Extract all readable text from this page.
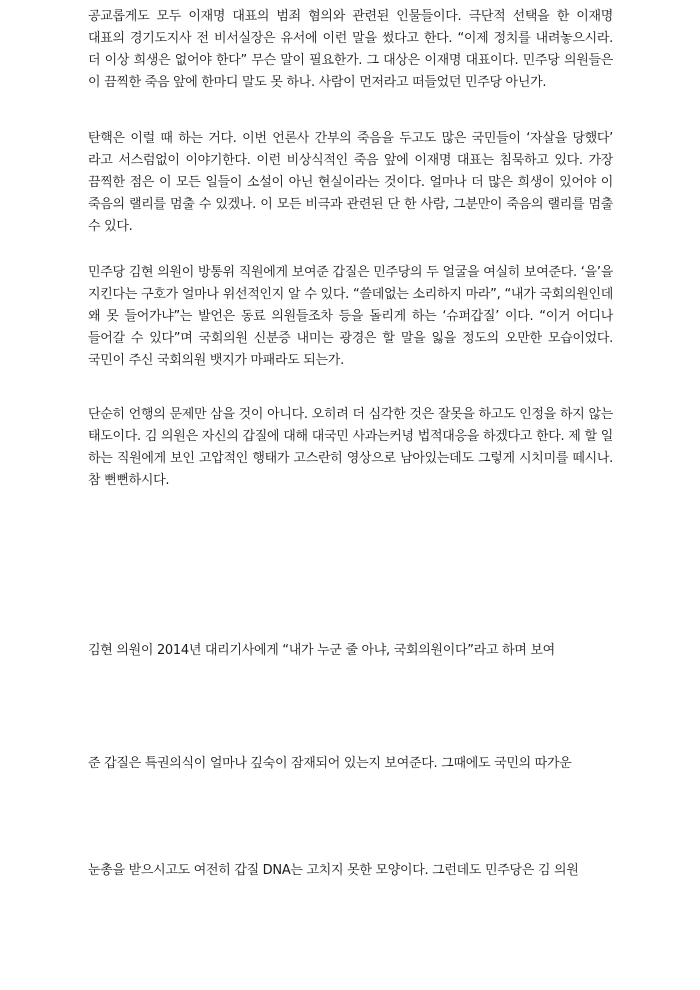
공교롭게도 모두 이재명 대표의 범죄 혐의와 관련된 인물들이다. 극단적 선택을 한 이재명 대표의 경기도지사 전 비서실장은 유서에 이런 말을 썼다고 한다. “이제 정치를 내려놓으시라. 더 이상 희생은 없어야 한다” 무슨 말이 필요한가. 그 대상은 이재명 대표이다. 민주당 의원들은 이 끔찍한 죽음 앞에 한마디 말도 못 하나. 사람이 먼저라고 떠들었던 민주당 아닌가.

탄핵은 이럴 때 하는 거다. 이번 언론사 간부의 죽음을 두고도 많은 국민들이 ‘자살을 당했다’ 라고 서스럼없이 이야기한다. 이런 비상식적인 죽음 앞에 이재명 대표는 침묵하고 있다. 가장 끔찍한 점은 이 모든 일들이 소설이 아닌 현실이라는 것이다. 얼마나 더 많은 희생이 있어야 이 죽음의 랠리를 멈출 수 있겠나. 이 모든 비극과 관련된 단 한 사람, 그분만이 죽음의 랠리를 멈출 수 있다.

민주당 김현 의원이 방통위 직원에게 보여준 갑질은 민주당의 두 얼굴을 여실히 보여준다. ‘을’을 지킨다는 구호가 얼마나 위선적인지 알 수 있다. “쓸데없는 소리하지 마라”, “내가 국회의원인데 왜 못 들어가냐”는 발언은 동료 의원들조차 등을 돌리게 하는 ‘슈퍼갑질’ 이다. “이거 어디나 들어갈 수 있다”며 국회의원 신분증 내미는 광경은 할 말을 잃을 정도의 오만한 모습이었다. 국민이 주신 국회의원 뱃지가 마패라도 되는가.

단순히 언행의 문제만 삼을 것이 아니다. 오히려 더 심각한 것은 잘못을 하고도 인정을 하지 않는 태도이다. 김 의원은 자신의 갑질에 대해 대국민 사과는커녕 법적대응을 하겠다고 한다. 제 할 일 하는 직원에게 보인 고압적인 행태가 고스란히 영상으로 남아있는데도 그렇게 시치미를 떼시나. 참 뻔뻔하시다.

김현 의원이 2014년 대리기사에게 “내가 누군 줄 아냐, 국회의원이다”라고 하며 보여

준 갑질은 특권의식이 얼마나 깊숙이 잠재되어 있는지 보여준다. 그때에도 국민의 따가운

눈총을 받으시고도 여전히 갑질 DNA는 고치지 못한 모양이다. 그런데도 민주당은 김 의원
